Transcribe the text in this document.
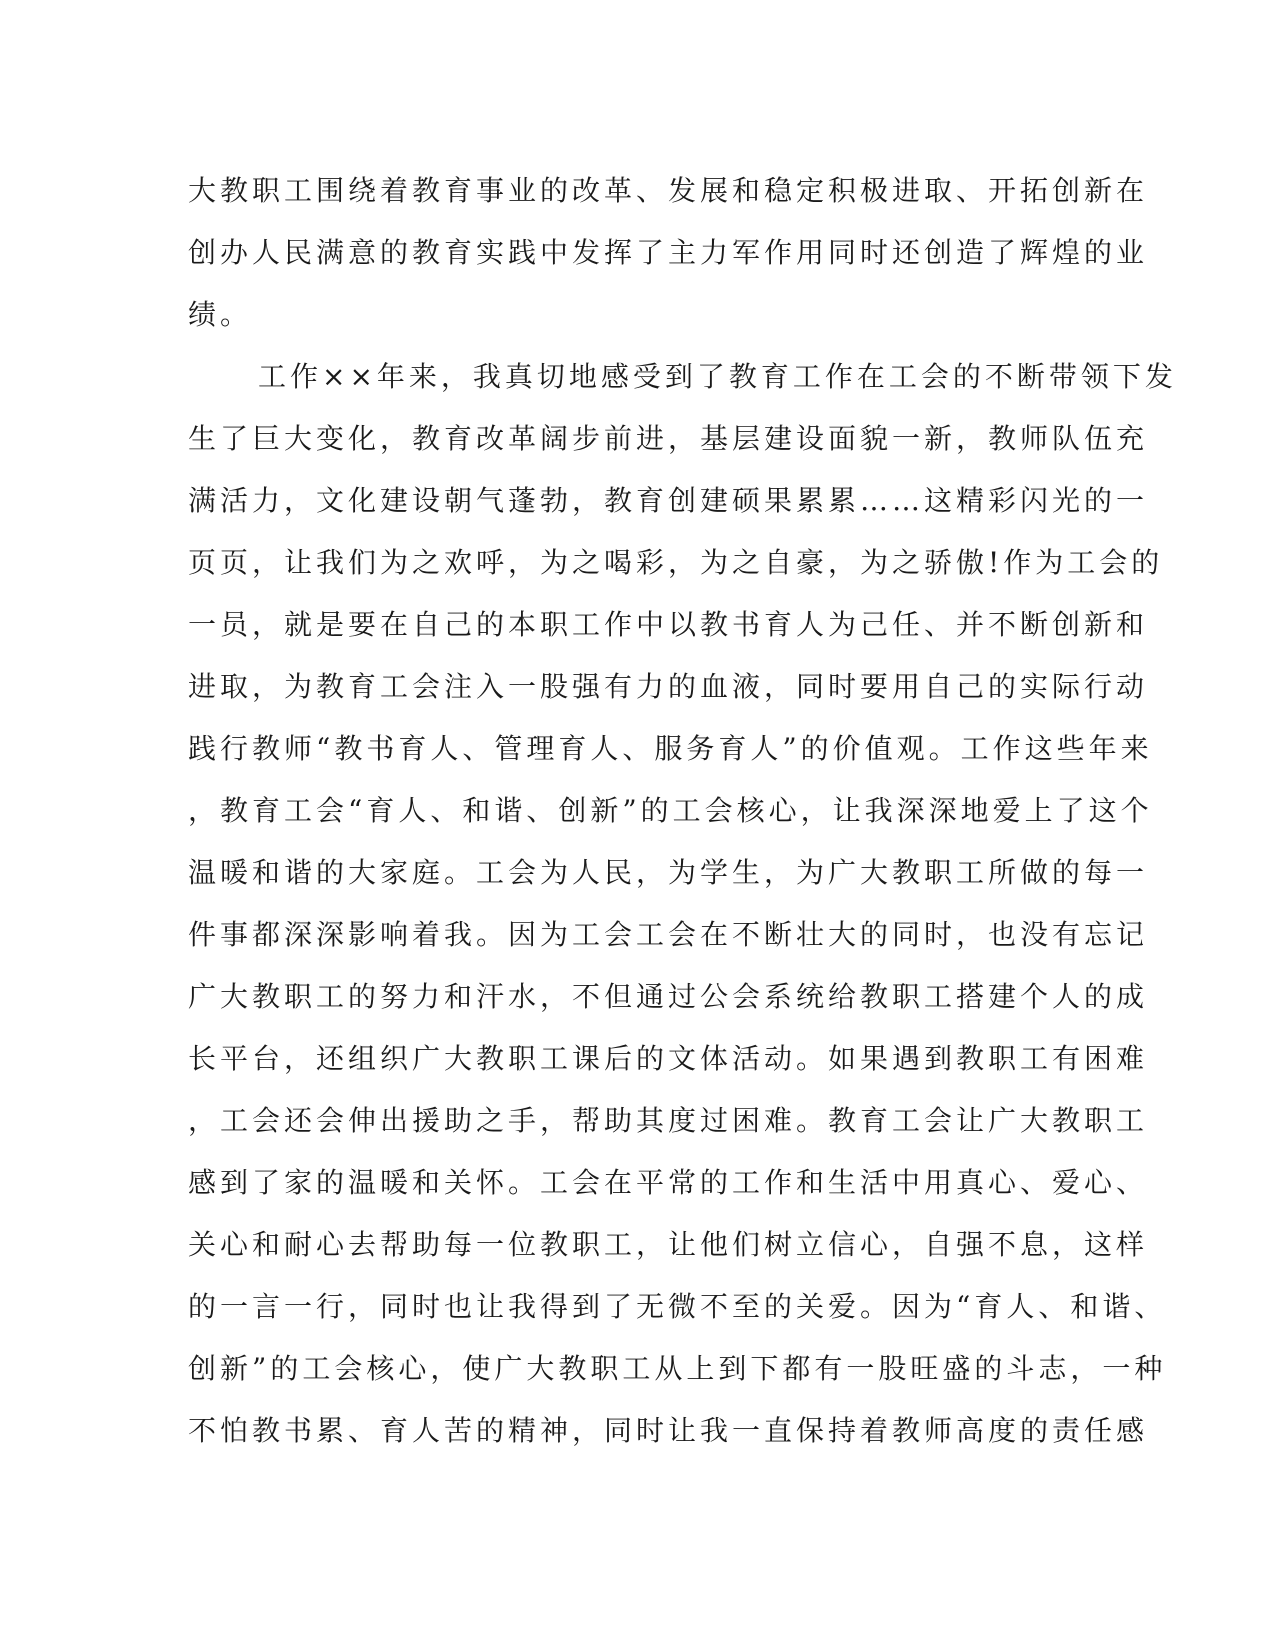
大教职工围绕着教育事业的改革、发展和稳定积极进取、开拓创新在
创办人民满意的教育实践中发挥了主力军作用同时还创造了辉煌的业
绩。
工作××年来，我真切地感受到了教育工作在工会的不断带领下发
生了巨大变化，教育改革阔步前进，基层建设面貌一新，教师队伍充
满活力，文化建设朝气蓬勃，教育创建硕果累累……这精彩闪光的一
页页，让我们为之欢呼，为之喝彩，为之自豪，为之骄傲!作为工会的
一员，就是要在自己的本职工作中以教书育人为己任、并不断创新和
进取，为教育工会注入一股强有力的血液，同时要用自己的实际行动
践行教师“教书育人、管理育人、服务育人”的价值观。工作这些年来
，教育工会“育人、和谐、创新”的工会核心，让我深深地爱上了这个
温暖和谐的大家庭。工会为人民，为学生，为广大教职工所做的每一
件事都深深影响着我。因为工会工会在不断壮大的同时，也没有忘记
广大教职工的努力和汗水，不但通过公会系统给教职工搭建个人的成
长平台，还组织广大教职工课后的文体活动。如果遇到教职工有困难
，工会还会伸出援助之手，帮助其度过困难。教育工会让广大教职工
感到了家的温暖和关怀。工会在平常的工作和生活中用真心、爱心、
关心和耐心去帮助每一位教职工，让他们树立信心，自强不息，这样
的一言一行，同时也让我得到了无微不至的关爱。因为“育人、和谐、
创新”的工会核心，使广大教职工从上到下都有一股旺盛的斗志，一种
不怕教书累、育人苦的精神，同时让我一直保持着教师高度的责任感
